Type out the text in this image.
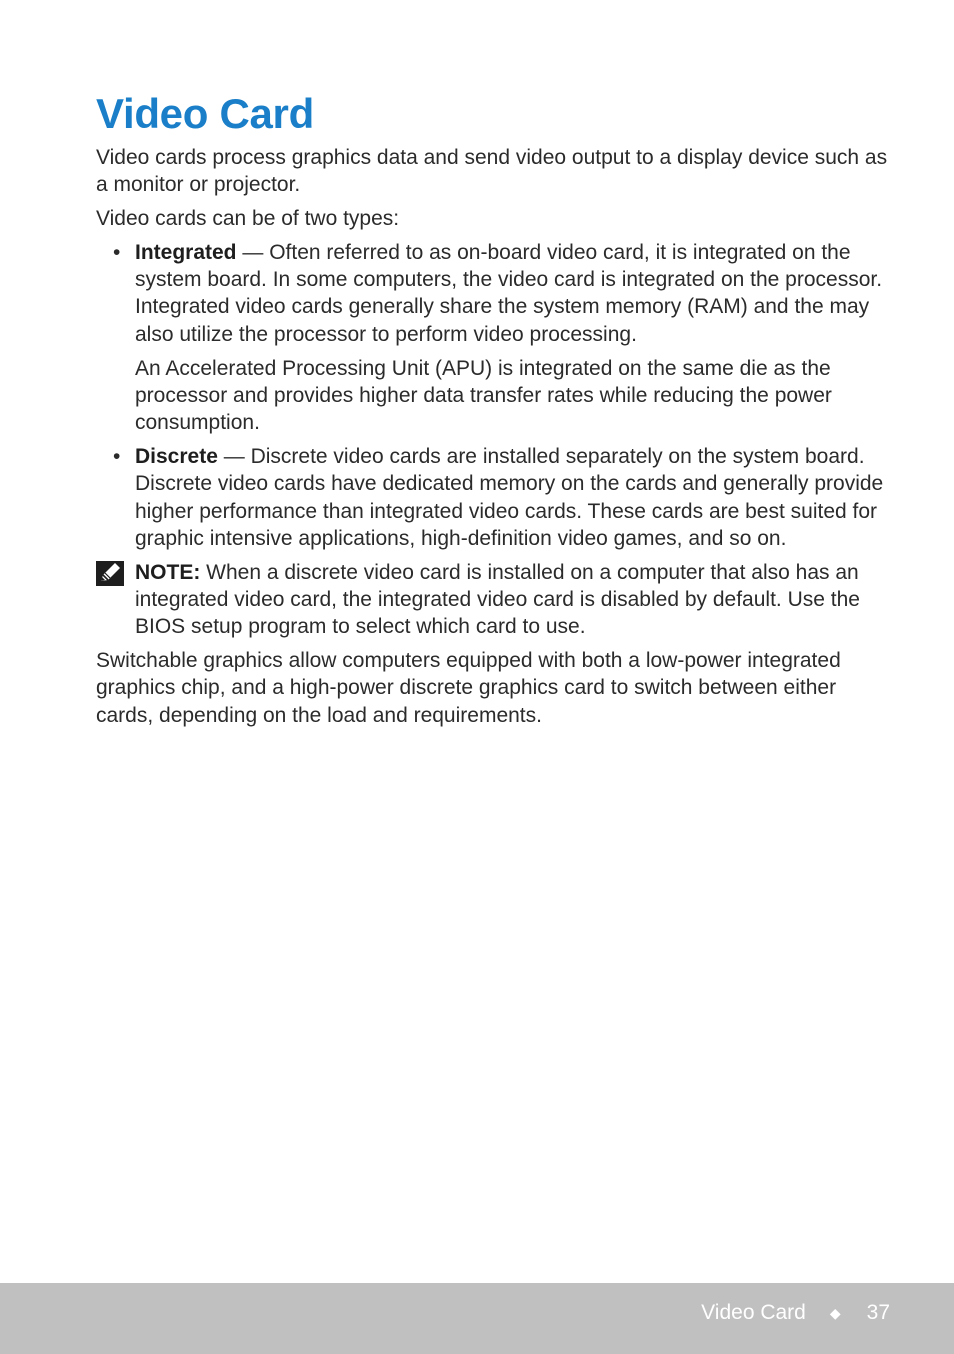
Video Card

Video cards process graphics data and send video output to a display device such as a monitor or projector.

Video cards can be of two types:

• Integrated — Often referred to as on-board video card, it is integrated on the system board. In some computers, the video card is integrated on the processor. Integrated video cards generally share the system memory (RAM) and the may also utilize the processor to perform video processing.

An Accelerated Processing Unit (APU) is integrated on the same die as the processor and provides higher data transfer rates while reducing the power consumption.

• Discrete — Discrete video cards are installed separately on the system board. Discrete video cards have dedicated memory on the cards and generally provide higher performance than integrated video cards. These cards are best suited for graphic intensive applications, high-definition video games, and so on.

NOTE: When a discrete video card is installed on a computer that also has an integrated video card, the integrated video card is disabled by default. Use the BIOS setup program to select which card to use.

Switchable graphics allow computers equipped with both a low-power integrated graphics chip, and a high-power discrete graphics card to switch between either cards, depending on the load and requirements.

Video Card ◆ 37
